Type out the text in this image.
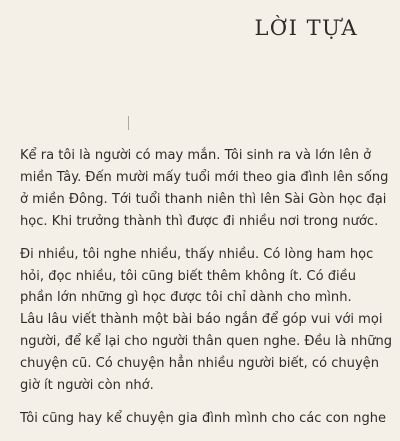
LỜI TỰA

Kể ra tôi là người có may mắn. Tôi sinh ra và lớn lên ở
miền Tây. Đến mười mấy tuổi mới theo gia đình lên sống
ở miền Đông. Tới tuổi thanh niên thì lên Sài Gòn học đại
học. Khi trưởng thành thì được đi nhiều nơi trong nước.

Đi nhiều, tôi nghe nhiều, thấy nhiều. Có lòng ham học
hỏi, đọc nhiều, tôi cũng biết thêm không ít. Có điều
phần lớn những gì học được tôi chỉ dành cho mình.
Lâu lâu viết thành một bài báo ngắn để góp vui với mọi
người, để kể lại cho người thân quen nghe. Đều là những
chuyện cũ. Có chuyện hẳn nhiều người biết, có chuyện
giờ ít người còn nhớ.

Tôi cũng hay kể chuyện gia đình mình cho các con nghe
